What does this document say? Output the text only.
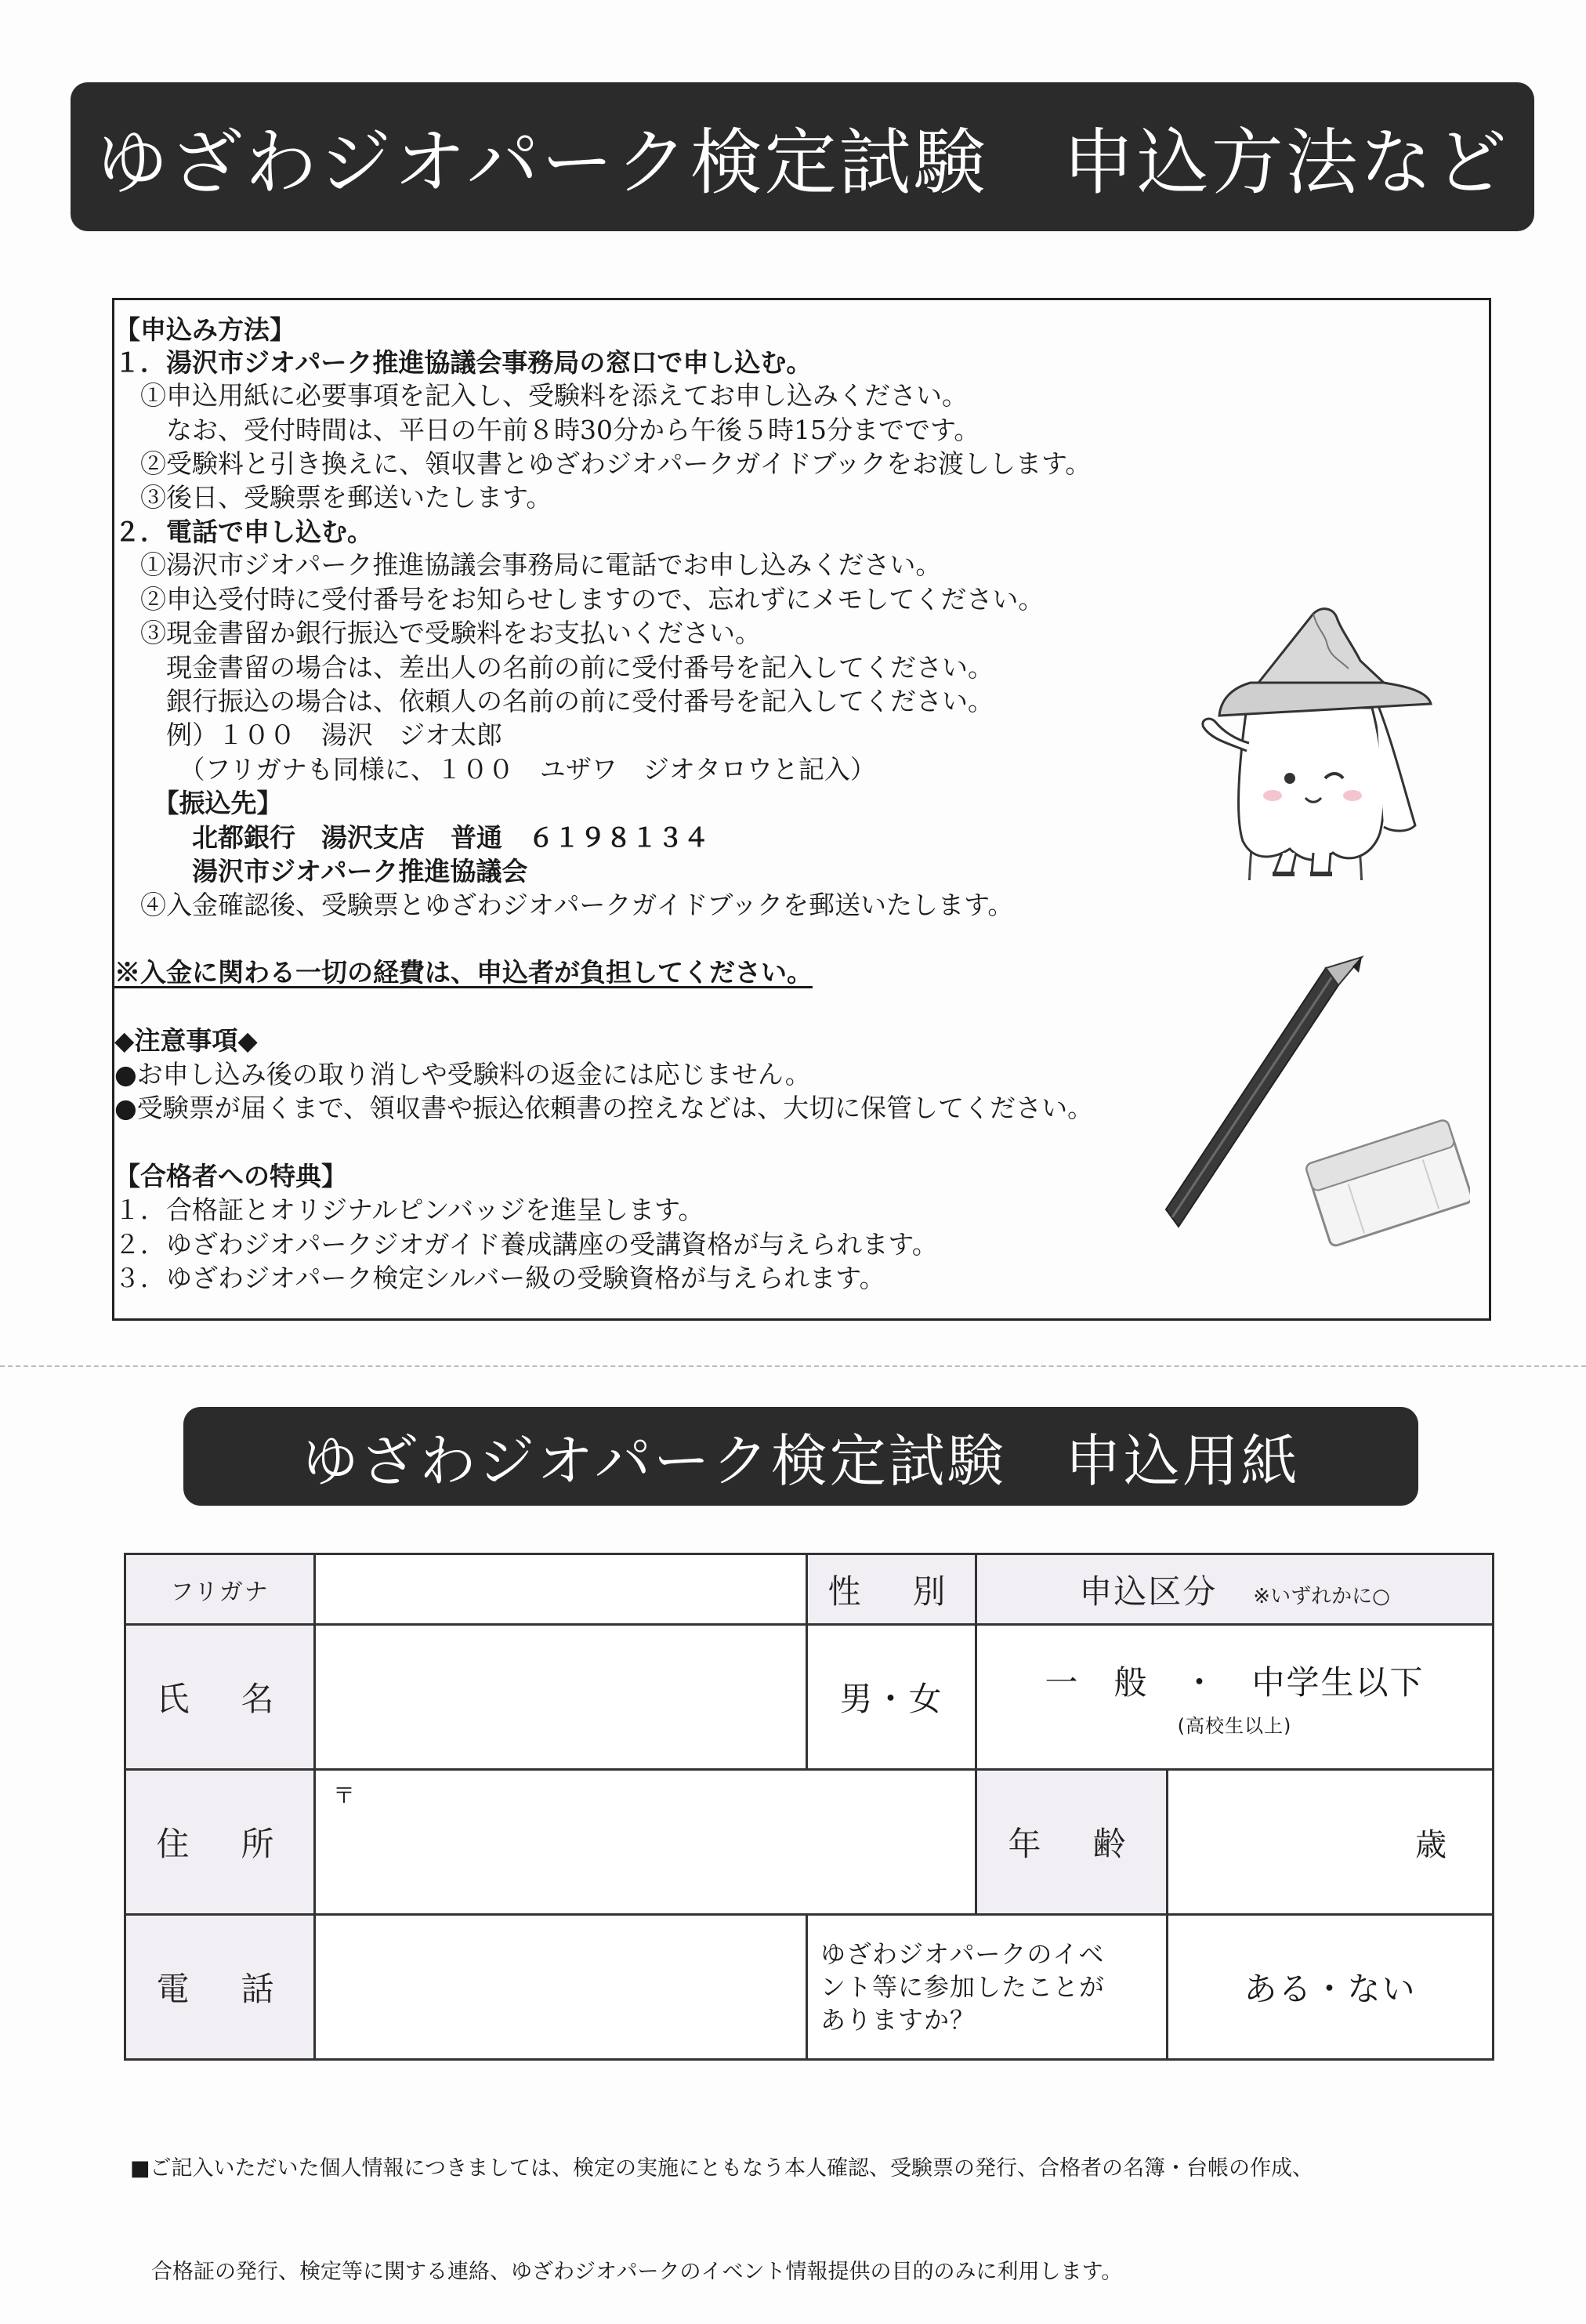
ゆざわジオパーク検定試験　申込方法など
【申込み方法】
１．湯沢市ジオパーク推進協議会事務局の窓口で申し込む。
　①申込用紙に必要事項を記入し、受験料を添えてお申し込みください。
　　なお、受付時間は、平日の午前８時30分から午後５時15分までです。
　②受験料と引き換えに、領収書とゆざわジオパークガイドブックをお渡しします。
　③後日、受験票を郵送いたします。
２．電話で申し込む。
　①湯沢市ジオパーク推進協議会事務局に電話でお申し込みください。
　②申込受付時に受付番号をお知らせしますので、忘れずにメモしてください。
　③現金書留か銀行振込で受験料をお支払いください。
　　現金書留の場合は、差出人の名前の前に受付番号を記入してください。
　　銀行振込の場合は、依頼人の名前の前に受付番号を記入してください。
　　例）１００　湯沢　ジオ太郎
　　　（フリガナも同様に、１００　ユザワ　ジオタロウと記入）
　　【振込先】
　　　北都銀行　湯沢支店　普通　６１９８１３４
　　　湯沢市ジオパーク推進協議会
　④入金確認後、受験票とゆざわジオパークガイドブックを郵送いたします。
※入金に関わる一切の経費は、申込者が負担してください。
◆注意事項◆
●お申し込み後の取り消しや受験料の返金には応じません。
●受験票が届くまで、領収書や振込依頼書の控えなどは、大切に保管してください。
【合格者への特典】
１．合格証とオリジナルピンバッジを進呈します。
２．ゆざわジオパークジオガイド養成講座の受講資格が与えられます。
３．ゆざわジオパーク検定シルバー級の受験資格が与えられます。
ゆざわジオパーク検定試験　申込用紙
フリガナ		性　別	申込区分 ※いずれかに○	
氏　名		男・女	一　般　・　中学生以下
(高校生以上)	

住　所	〒		年　齢	歳
電　話		ゆざわジオパークのイベ
ント等に参加したことが
ありますか？		ある・ない

■ご記入いただいた個人情報につきましては、検定の実施にともなう本人確認、受験票の発行、合格者の名簿・台帳の作成、

　合格証の発行、検定等に関する連絡、ゆざわジオパークのイベント情報提供の目的のみに利用します。
